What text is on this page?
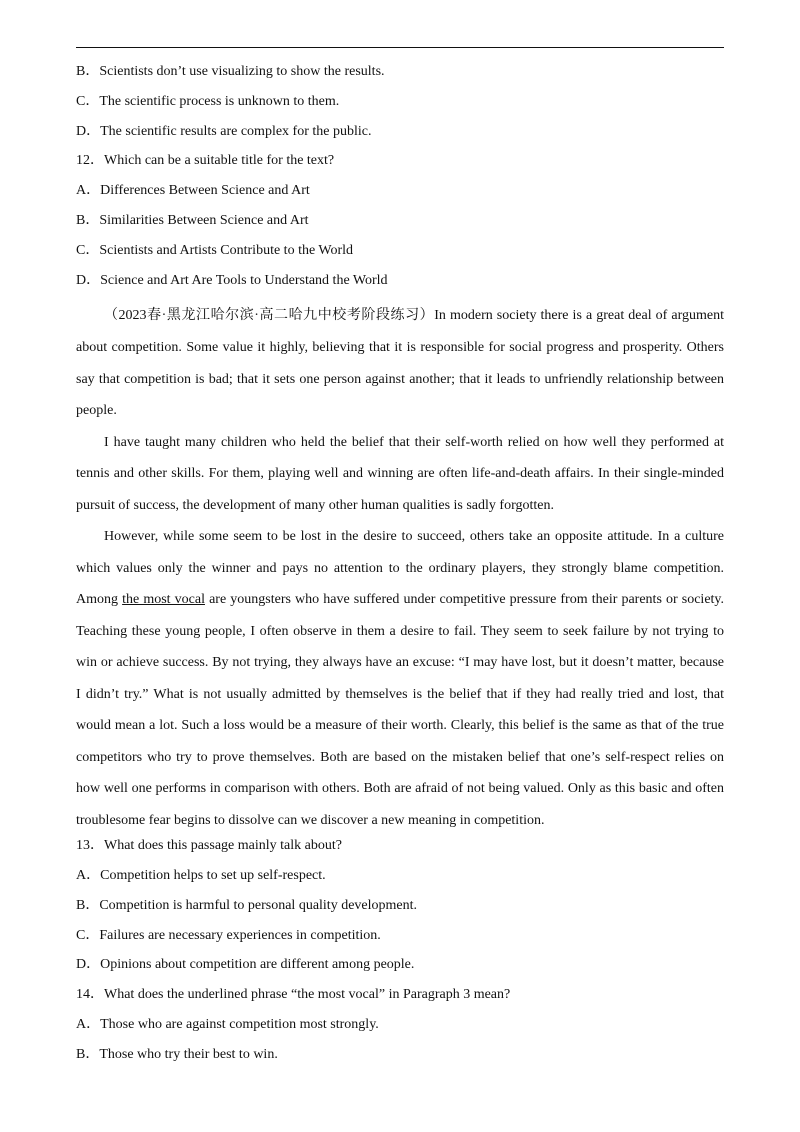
B．Scientists don’t use visualizing to show the results.
C．The scientific process is unknown to them.
D．The scientific results are complex for the public.
12．Which can be a suitable title for the text?
A．Differences Between Science and Art
B．Similarities Between Science and Art
C．Scientists and Artists Contribute to the World
D．Science and Art Are Tools to Understand the World

（2023春·黑龙江哈尔滨·高二哈九中校考阶段练习）In modern society there is a great deal of argument about competition. Some value it highly, believing that it is responsible for social progress and prosperity. Others say that competition is bad; that it sets one person against another; that it leads to unfriendly relationship between people.

I have taught many children who held the belief that their self-worth relied on how well they performed at tennis and other skills. For them, playing well and winning are often life-and-death affairs. In their single-minded pursuit of success, the development of many other human qualities is sadly forgotten.

However, while some seem to be lost in the desire to succeed, others take an opposite attitude. In a culture which values only the winner and pays no attention to the ordinary players, they strongly blame competition. Among the most vocal are youngsters who have suffered under competitive pressure from their parents or society. Teaching these young people, I often observe in them a desire to fail. They seem to seek failure by not trying to win or achieve success. By not trying, they always have an excuse: “I may have lost, but it doesn’t matter, because I didn’t try.” What is not usually admitted by themselves is the belief that if they had really tried and lost, that would mean a lot. Such a loss would be a measure of their worth. Clearly, this belief is the same as that of the true competitors who try to prove themselves. Both are based on the mistaken belief that one’s self-respect relies on how well one performs in comparison with others. Both are afraid of not being valued. Only as this basic and often troublesome fear begins to dissolve can we discover a new meaning in competition.

13．What does this passage mainly talk about?
A．Competition helps to set up self-respect.
B．Competition is harmful to personal quality development.
C．Failures are necessary experiences in competition.
D．Opinions about competition are different among people.
14．What does the underlined phrase “the most vocal” in Paragraph 3 mean?
A．Those who are against competition most strongly.
B．Those who try their best to win.
